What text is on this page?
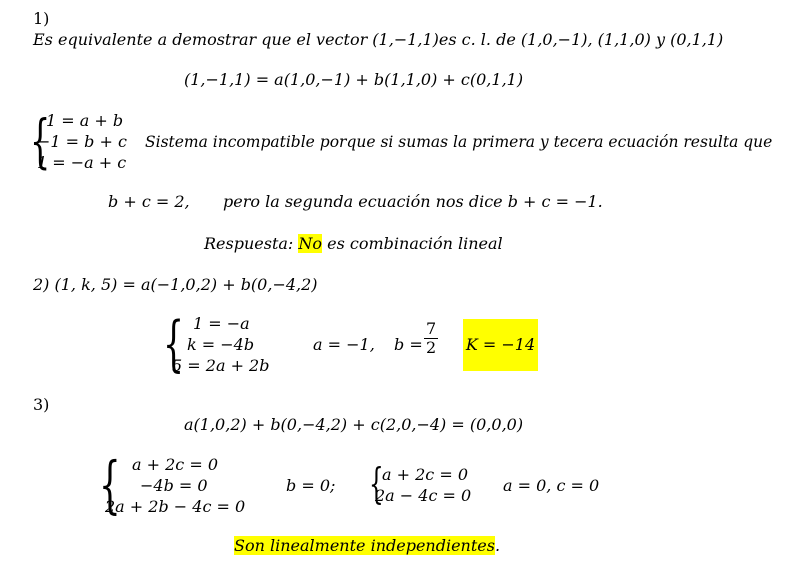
1)
Es equivalente a demostrar que el vector (1,−1,1)es c. l. de (1,0,−1), (1,1,0) y (0,1,1)
(1,−1,1) = a(1,0,−1) + b(1,1,0) + c(0,1,1)
{
1 = a + b
−1 = b + c
1 = −a + c
Sistema incompatible porque si sumas la primera y tecera ecuación resulta que
b + c = 2, pero la segunda ecuación nos dice b + c = −1.
Respuesta: No es combinación lineal
2) (1, k, 5) = a(−1,0,2) + b(0,−4,2)
{ 1 = −a
k = −4b
5 = 2a + 2b
a = −1, $b = \frac{7}{2}$ K = −14
3)
a(1,0,2) + b(0,−4,2) + c(2,0,−4) = (0,0,0)
{ a + 2c = 0
−4b = 0
2a + 2b − 4c = 0
b = 0; {
a + 2c = 0
2a − 4c = 0
a = 0, c = 0
Son linealmente independientes.
